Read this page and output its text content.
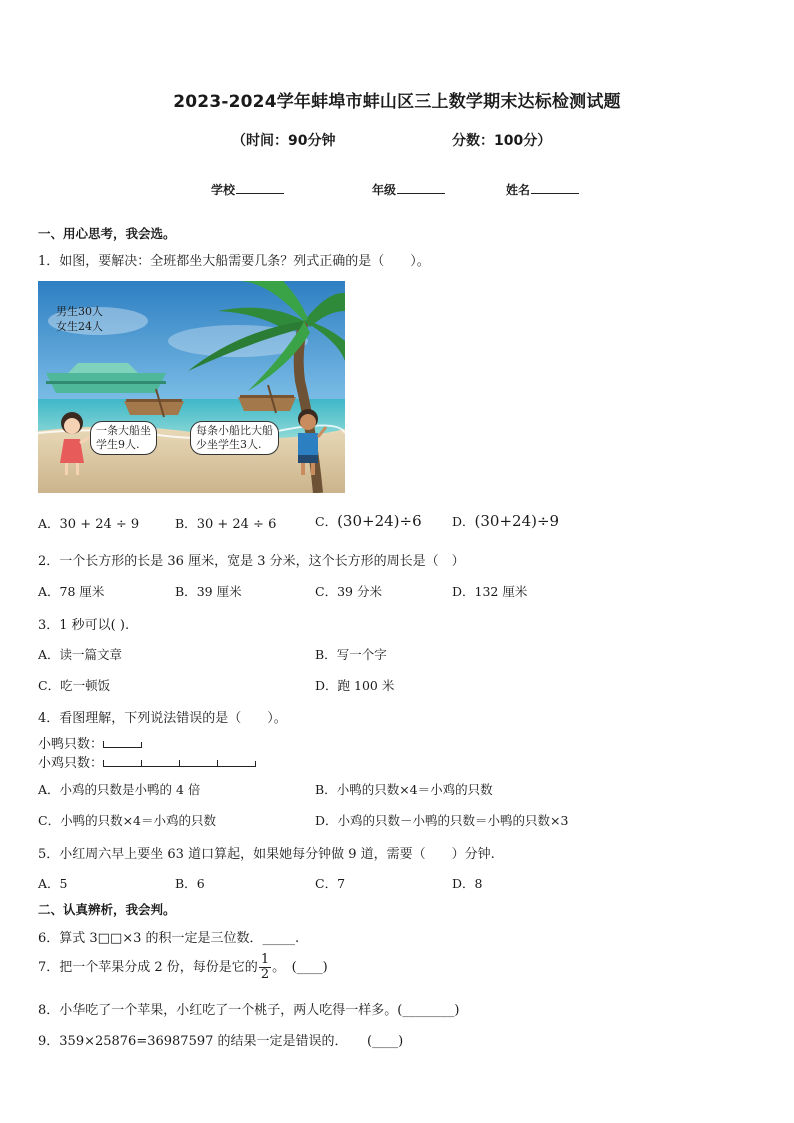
2023-2024学年蚌埠市蚌山区三上数学期末达标检测试题
（时间：90分钟	分数：100分）
学校	年级	姓名
一、用心思考，我会选。
1．如图，要解决：全班都坐大船需要几条？列式正确的是（　　）。
男生30人
女生24人
一条大船坐
学生9人.
每条小船比大船
少坐学生3人.
A．30 + 24 ÷ 9	B．30 + 24 ÷ 6	C．(30+24)÷6 D．(30+24)÷9
2．一个长方形的长是 36 厘米，宽是 3 分米，这个长方形的周长是（　）
A．78 厘米	B．39 厘米	C．39 分米	D．132 厘米
3．1 秒可以( ).
A．读一篇文章	B．写一个字
C．吃一顿饭	D．跑 100 米
4．看图理解，下列说法错误的是（　　）。
小鸭只数：
小鸡只数：
A．小鸡的只数是小鸭的 4 倍	B．小鸭的只数×4＝小鸡的只数
C．小鸭的只数×4＝小鸡的只数	D．小鸡的只数－小鸭的只数＝小鸭的只数×3
5．小红周六早上要坐 63 道口算起，如果她每分钟做 9 道，需要（　　）分钟.
A．5	B．6	C．7	D．8
二、认真辨析，我会判。
6．算式 3□□×3 的积一定是三位数．_____.
7．把一个苹果分成 2 份，每份是它的 $\frac{1}{2}$ 。　(____)
8．小华吃了一个苹果，小红吃了一个桃子，两人吃得一样多。(________)
9．359×25876=36987597 的结果一定是错误的．　　(____)
